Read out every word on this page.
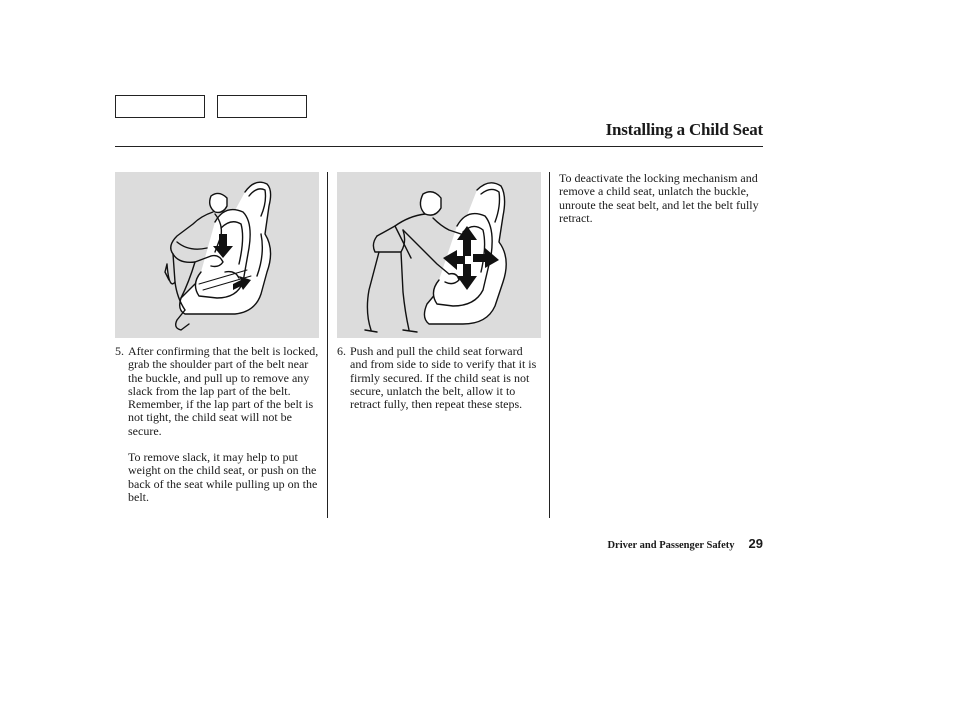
Installing a Child Seat
5. After confirming that the belt is locked, grab the shoulder part of the belt near the buckle, and pull up to remove any slack from the lap part of the belt. Remember, if the lap part of the belt is not tight, the child seat will not be secure.
To remove slack, it may help to put weight on the child seat, or push on the back of the seat while pulling up on the belt.
6. Push and pull the child seat forward and from side to side to verify that it is firmly secured. If the child seat is not secure, unlatch the belt, allow it to retract fully, then repeat these steps.
To deactivate the locking mechanism and remove a child seat, unlatch the buckle, unroute the seat belt, and let the belt fully retract.
Driver and Passenger Safety 29
